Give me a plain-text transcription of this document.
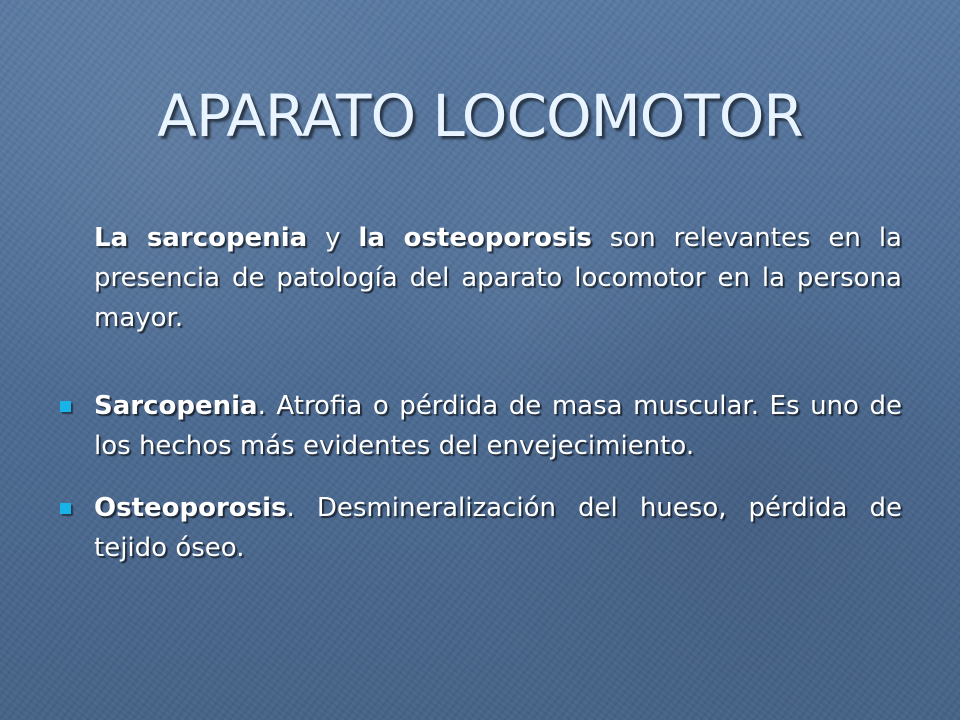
APARATO LOCOMOTOR

La sarcopenia y la osteoporosis son relevantes en la presencia de patología del aparato locomotor en la persona mayor.

Sarcopenia. Atrofia o pérdida de masa muscular. Es uno de los hechos más evidentes del envejecimiento.
Osteoporosis. Desmineralización del hueso, pérdida de tejido óseo.
